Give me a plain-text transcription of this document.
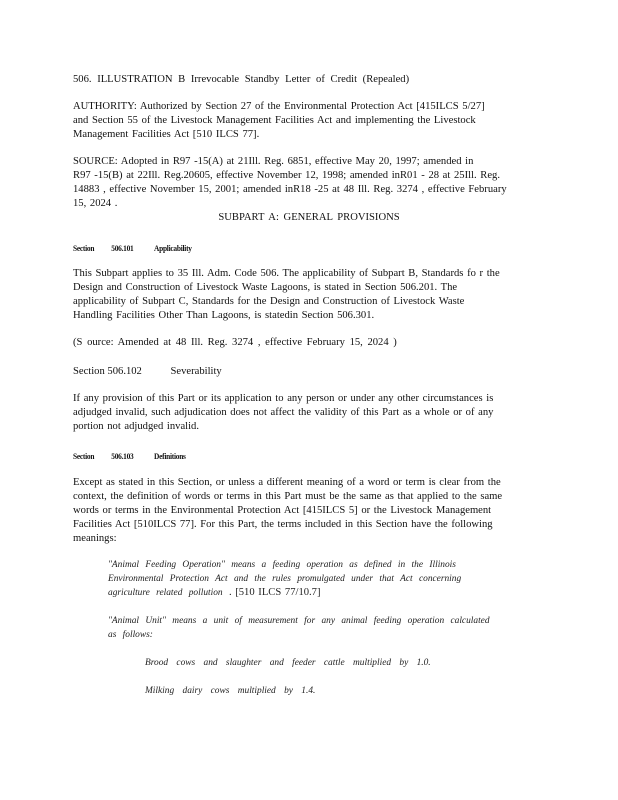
506. ILLUSTRATION B Irrevocable Standby Letter of Credit (Repealed)

AUTHORITY: Authorized by Section 27 of the Environmental Protection Act [415ILCS 5/27]
and Section 55 of the Livestock Management Facilities Act and implementing the Livestock
Management Facilities Act [510 ILCS 77].

SOURCE: Adopted in R97 -15(A) at 21Ill. Reg. 6851, effective May 20, 1997; amended in
R97 -15(B) at 22Ill. Reg.20605, effective November 12, 1998; amended inR01 - 28 at 25Ill. Reg.
14883 , effective November 15, 2001; amended inR18 -25 at 48 Ill. Reg. 3274 , effective February
15, 2024 .

SUBPART A: GENERAL PROVISIONS
Section 506.101 Applicability

This Subpart applies to 35 Ill. Adm. Code 506. The applicability of Subpart B, Standards fo r the
Design and Construction of Livestock Waste Lagoons, is stated in Section 506.201. The
applicability of Subpart C, Standards for the Design and Construction of Livestock Waste
Handling Facilities Other Than Lagoons, is statedin Section 506.301.

(S ource: Amended at 48 Ill. Reg. 3274 , effective February 15, 2024 )

Section 506.102	Severability

If any provision of this Part or its application to any person or under any other circumstances is
adjudged invalid, such adjudication does not affect the validity of this Part as a whole or of any
portion not adjudged invalid.

Section 506.103 Definitions

Except as stated in this Section, or unless a different meaning of a word or term is clear from the
context, the definition of words or terms in this Part must be the same as that applied to the same
words or terms in the Environmental Protection Act [415ILCS 5] or the Livestock Management
Facilities Act [510ILCS 77]. For this Part, the terms included in this Section have the following
meanings:

"Animal Feeding Operation" means a feeding operation as defined in the Illinois
Environmental Protection Act and the rules promulgated under that Act concerning
agriculture related pollution . [510 ILCS 77/10.7]
"Animal Unit" means a unit of measurement for any animal feeding operation calculated
as follows:
Brood cows and slaughter and feeder cattle multiplied by 1.0.
Milking dairy cows multiplied by 1.4.
